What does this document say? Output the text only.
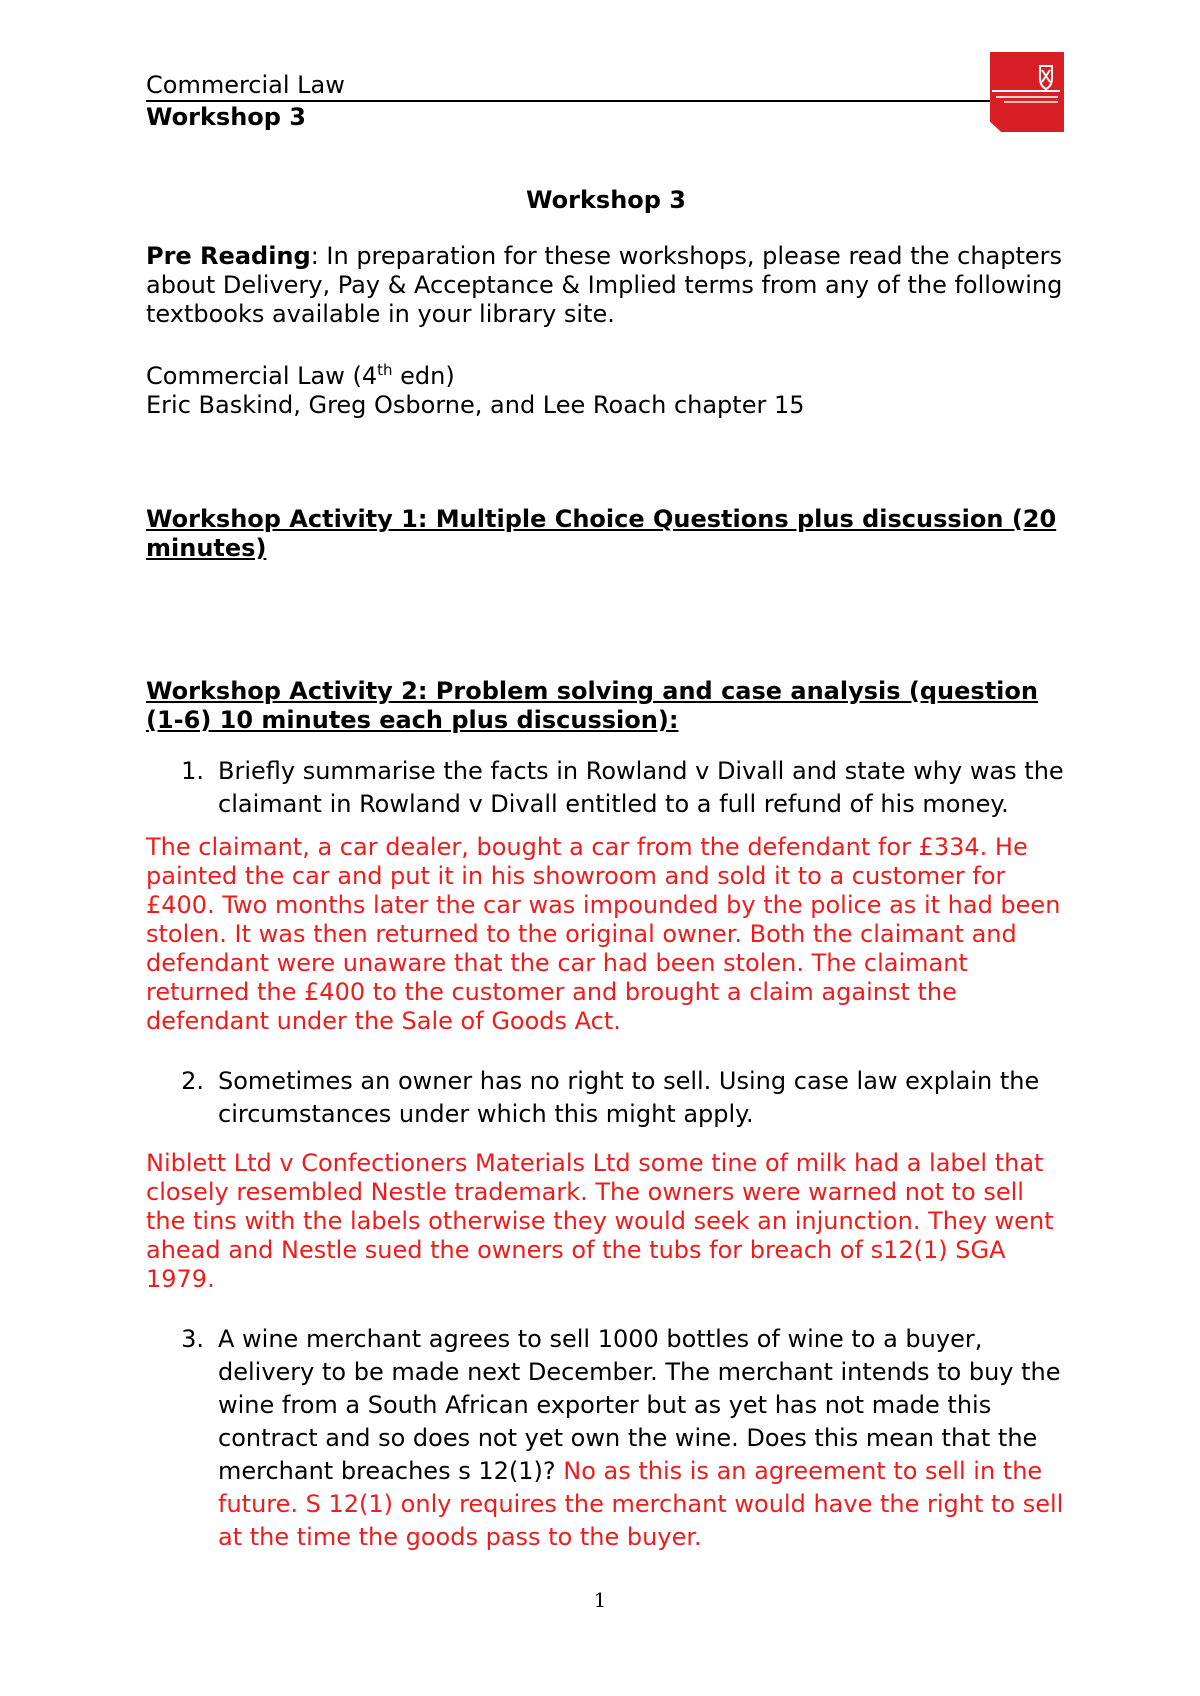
Commercial Law
Workshop 3

Workshop 3

Pre Reading: In preparation for these workshops, please read the chapters about Delivery, Pay & Acceptance & Implied terms from any of the following textbooks available in your library site.

Commercial Law (4th edn)

Eric Baskind, Greg Osborne, and Lee Roach chapter 15

Workshop Activity 1: Multiple Choice Questions plus discussion (20 minutes)

Workshop Activity 2: Problem solving and case analysis (question (1-6) 10 minutes each plus discussion):

1. Briefly summarise the facts in Rowland v Divall and state why was the claimant in Rowland v Divall entitled to a full refund of his money.

The claimant, a car dealer, bought a car from the defendant for £334. He painted the car and put it in his showroom and sold it to a customer for £400. Two months later the car was impounded by the police as it had been stolen. It was then returned to the original owner. Both the claimant and defendant were unaware that the car had been stolen. The claimant returned the £400 to the customer and brought a claim against the defendant under the Sale of Goods Act.

2. Sometimes an owner has no right to sell. Using case law explain the circumstances under which this might apply.

Niblett Ltd v Confectioners Materials Ltd some tine of milk had a label that closely resembled Nestle trademark. The owners were warned not to sell the tins with the labels otherwise they would seek an injunction. They went ahead and Nestle sued the owners of the tubs for breach of s12(1) SGA 1979.

3. A wine merchant agrees to sell 1000 bottles of wine to a buyer, delivery to be made next December. The merchant intends to buy the wine from a South African exporter but as yet has not made this contract and so does not yet own the wine. Does this mean that the merchant breaches s 12(1)? No as this is an agreement to sell in the future. S 12(1) only requires the merchant would have the right to sell at the time the goods pass to the buyer.
1
